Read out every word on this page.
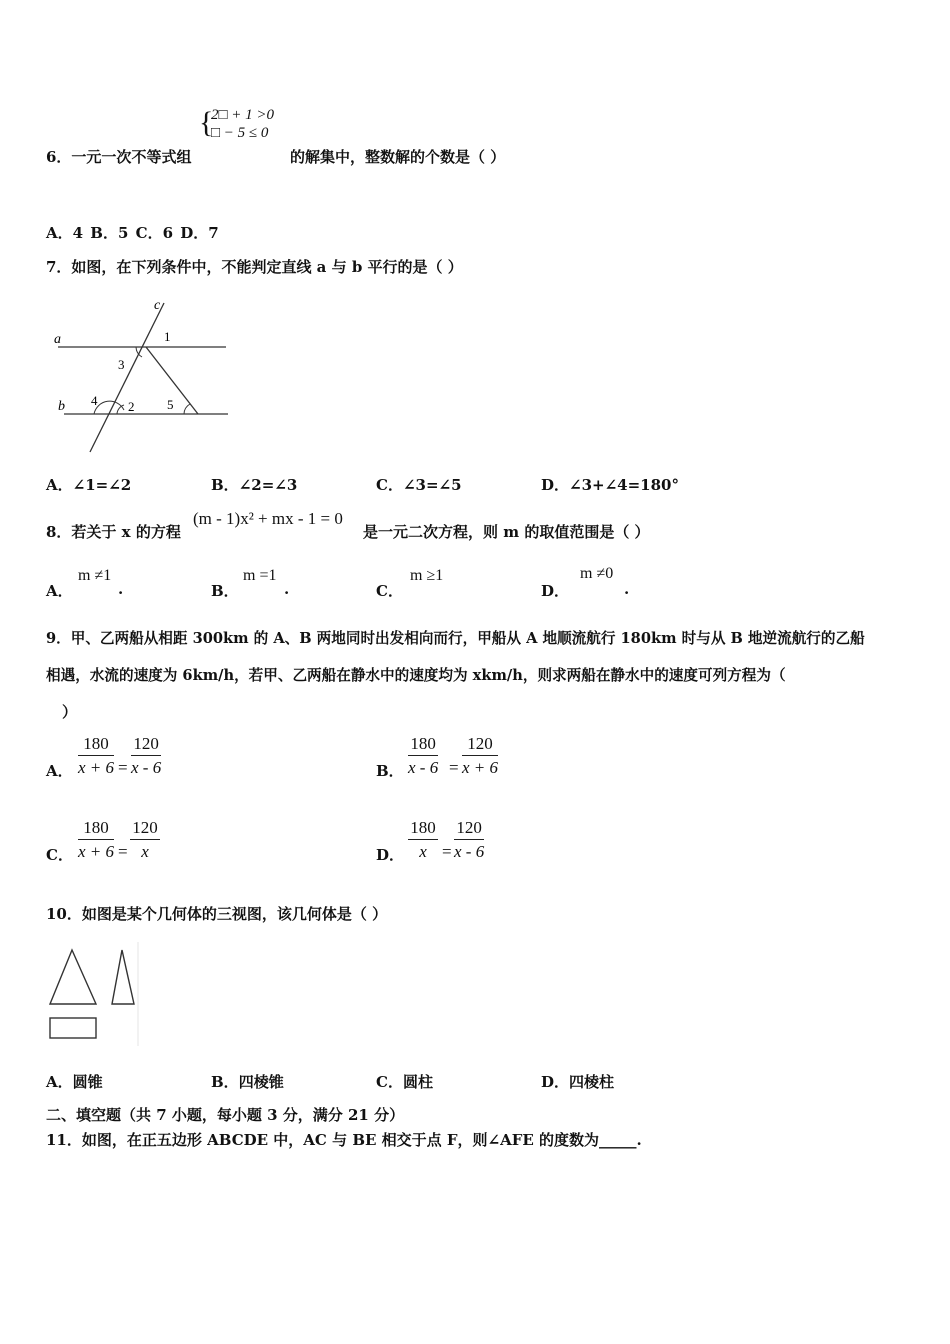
{
2□ + 1 >0
□ − 5 ≤ 0
6．一元一次不等式组	的解集中，整数解的个数是（ ）
A．4 B．5 C．6 D．7
7．如图，在下列条件中，不能判定直线 a 与 b 平行的是（ ）
a
b
c
1
2
3
4	5
A．∠1=∠2	B．∠2=∠3	C．∠3=∠5	D．∠3+∠4=180°
8．若关于 x 的方程
(m - 1)x² + mx - 1 = 0
是一元二次方程，则 m 的取值范围是（ ）
A．
m ≠1
.	B．
m =1
.	C．
m ≥1
D．
m ≠0
.
9．甲、乙两船从相距 300km 的 A、B 两地同时出发相向而行，甲船从 A 地顺流航行 180km 时与从 B 地逆流航行的乙船
相遇，水流的速度为 6km/h，若甲、乙两船在静水中的速度均为 xkm/h，则求两船在静水中的速度可列方程为（
）
A． $\frac{180}{x + 6} = \frac{120}{x - 6}$	B． $\frac{180}{x - 6} = \frac{120}{x + 6}$
C． $\frac{180}{x + 6} = \frac{120}{x}$	D． $\frac{180}{x} = \frac{120}{x - 6}$
10．如图是某个几何体的三视图，该几何体是（ ）
A．圆锥	B．四棱锥	C．圆柱	D．四棱柱
二、填空题（共 7 小题，每小题 3 分，满分 21 分）
11．如图，在正五边形 ABCDE 中，AC 与 BE 相交于点 F，则∠AFE 的度数为_____.
